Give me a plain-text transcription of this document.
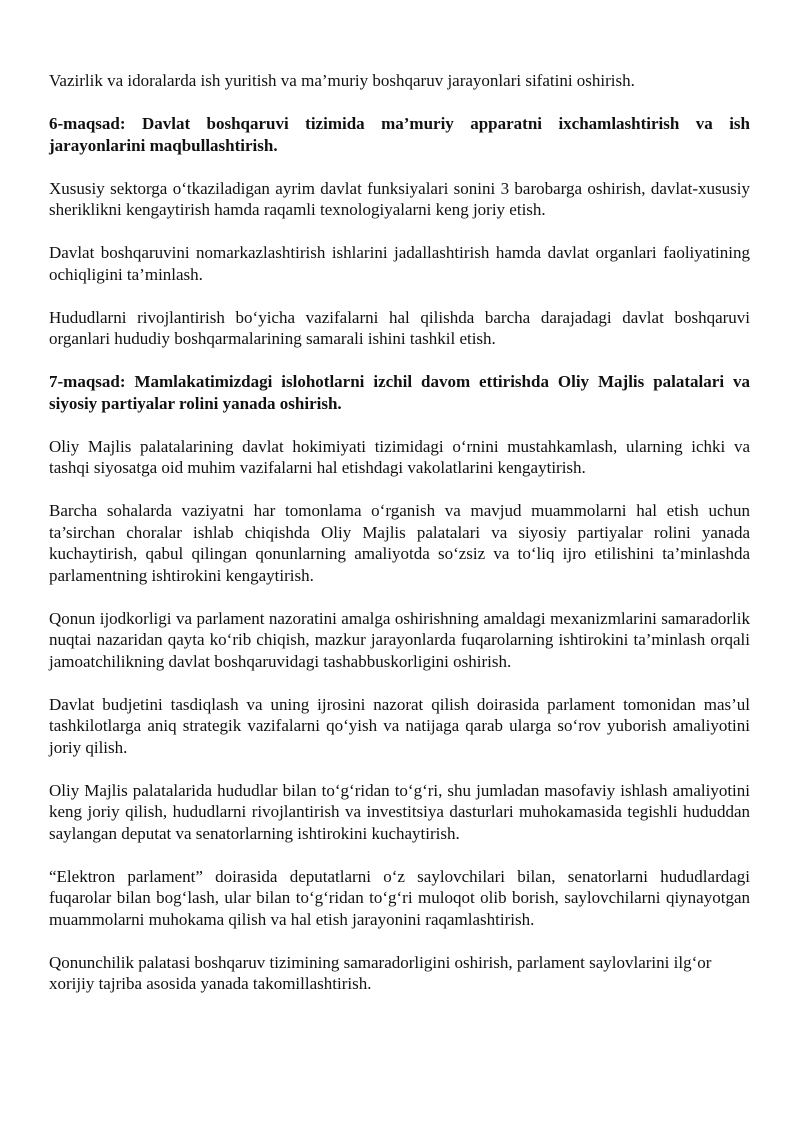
Vazirlik va idoralarda ish yuritish va ma’muriy boshqaruv jarayonlari sifatini oshirish.

6-maqsad: Davlat boshqaruvi tizimida ma’muriy apparatni ixchamlashtirish va ish jarayonlarini maqbullashtirish.

Xususiy sektorga o‘tkaziladigan ayrim davlat funksiyalari sonini 3 barobarga oshirish, davlat-xususiy sheriklikni kengaytirish hamda raqamli texnologiyalarni keng joriy etish.

Davlat boshqaruvini nomarkazlashtirish ishlarini jadallashtirish hamda davlat organlari faoliyatining ochiqligini ta’minlash.

Hududlarni rivojlantirish bo‘yicha vazifalarni hal qilishda barcha darajadagi davlat boshqaruvi organlari hududiy boshqarmalarining samarali ishini tashkil etish.

7-maqsad: Mamlakatimizdagi islohotlarni izchil davom ettirishda Oliy Majlis palatalari va siyosiy partiyalar rolini yanada oshirish.

Oliy Majlis palatalarining davlat hokimiyati tizimidagi o‘rnini mustahkamlash, ularning ichki va tashqi siyosatga oid muhim vazifalarni hal etishdagi vakolatlarini kengaytirish.

Barcha sohalarda vaziyatni har tomonlama o‘rganish va mavjud muammolarni hal etish uchun ta’sirchan choralar ishlab chiqishda Oliy Majlis palatalari va siyosiy partiyalar rolini yanada kuchaytirish, qabul qilingan qonunlarning amaliyotda so‘zsiz va to‘liq ijro etilishini ta’minlashda parlamentning ishtirokini kengaytirish.

Qonun ijodkorligi va parlament nazoratini amalga oshirishning amaldagi mexanizmlarini samaradorlik nuqtai nazaridan qayta ko‘rib chiqish, mazkur jarayonlarda fuqarolarning ishtirokini ta’minlash orqali jamoatchilikning davlat boshqaruvidagi tashabbuskorligini oshirish.

Davlat budjetini tasdiqlash va uning ijrosini nazorat qilish doirasida parlament tomonidan mas’ul tashkilotlarga aniq strategik vazifalarni qo‘yish va natijaga qarab ularga so‘rov yuborish amaliyotini joriy qilish.

Oliy Majlis palatalarida hududlar bilan to‘g‘ridan to‘g‘ri, shu jumladan masofaviy ishlash amaliyotini keng joriy qilish, hududlarni rivojlantirish va investitsiya dasturlari muhokamasida tegishli hududdan saylangan deputat va senatorlarning ishtirokini kuchaytirish.

“Elektron parlament” doirasida deputatlarni o‘z saylovchilari bilan, senatorlarni hududlardagi fuqarolar bilan bog‘lash, ular bilan to‘g‘ridan to‘g‘ri muloqot olib borish, saylovchilarni qiynayotgan muammolarni muhokama qilish va hal etish jarayonini raqamlashtirish.

Qonunchilik palatasi boshqaruv tizimining samaradorligini oshirish, parlament saylovlarini ilg‘or xorijiy tajriba asosida yanada takomillashtirish.
